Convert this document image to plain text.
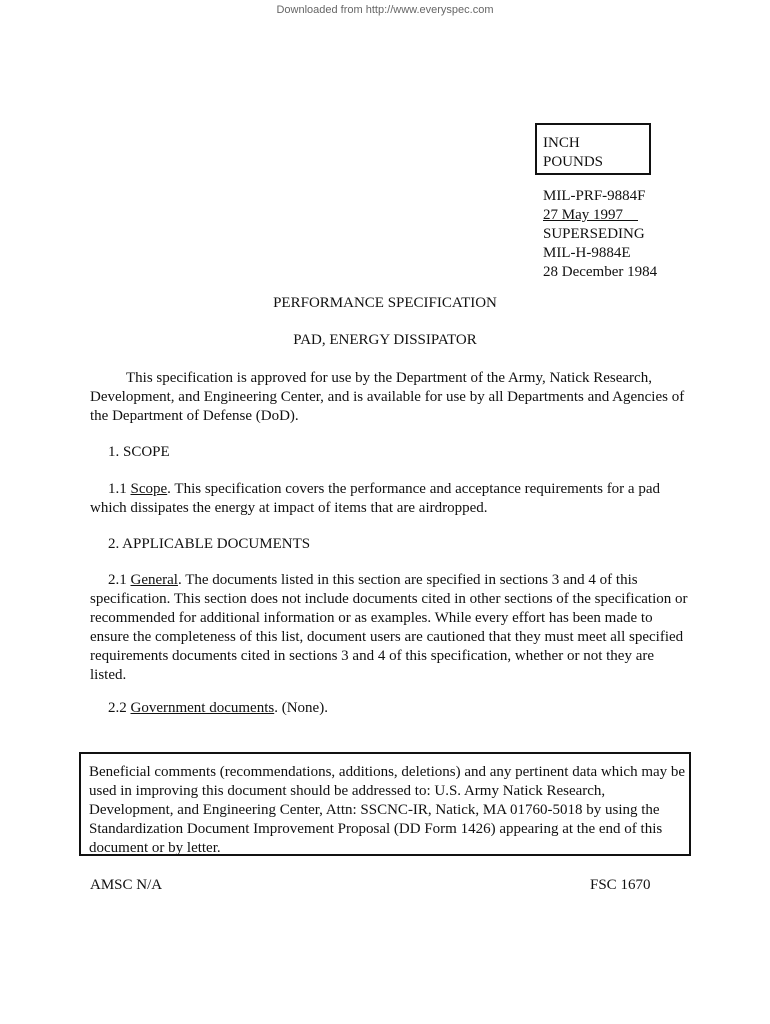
Downloaded from http://www.everyspec.com
INCH
POUNDS
MIL-PRF-9884F
27 May 1997
SUPERSEDING
MIL-H-9884E
28 December 1984
PERFORMANCE SPECIFICATION
PAD, ENERGY DISSIPATOR
This specification is approved for use by the Department of the Army, Natick Research, Development, and Engineering Center, and is available for use by all Departments and Agencies of the Department of Defense (DoD).
1. SCOPE
1.1 Scope. This specification covers the performance and acceptance requirements for a pad which dissipates the energy at impact of items that are airdropped.
2. APPLICABLE DOCUMENTS
2.1 General. The documents listed in this section are specified in sections 3 and 4 of this specification. This section does not include documents cited in other sections of the specification or recommended for additional information or as examples. While every effort has been made to ensure the completeness of this list, document users are cautioned that they must meet all specified requirements documents cited in sections 3 and 4 of this specification, whether or not they are listed.
2.2 Government documents. (None).
Beneficial comments (recommendations, additions, deletions) and any pertinent data which may be used in improving this document should be addressed to: U.S. Army Natick Research, Development, and Engineering Center, Attn: SSCNC-IR, Natick, MA 01760-5018 by using the Standardization Document Improvement Proposal (DD Form 1426) appearing at the end of this document or by letter.
AMSC N/A	FSC 1670
